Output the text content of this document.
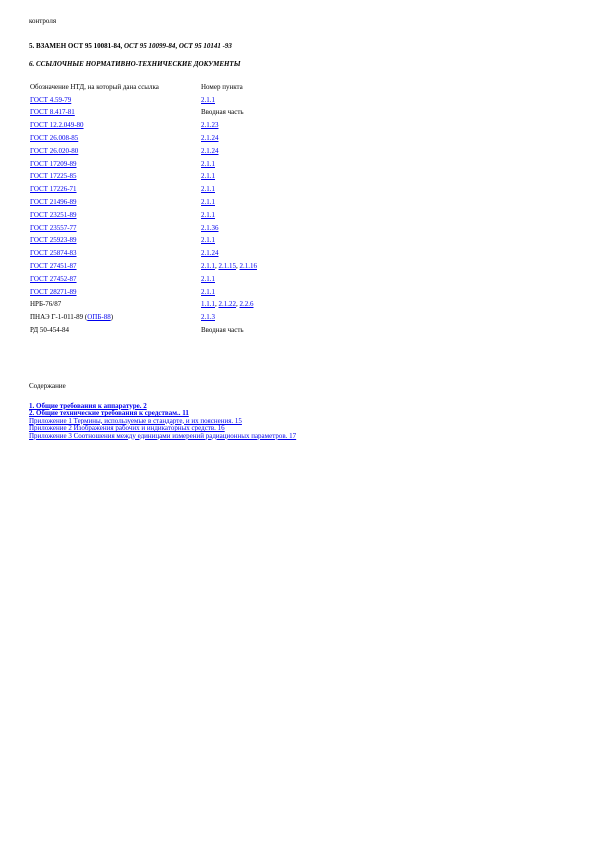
контроля
5. ВЗАМЕН ОСТ 95 10081-84, ОСТ 95 10099-84, ОСТ 95 10141 -93
6. ССЫЛОЧНЫЕ НОРМАТИВНО-ТЕХНИЧЕСКИЕ ДОКУМЕНТЫ
Обозначение НТД, на который дана ссылка	Номер пункта
ГОСТ 4.59-79	2.1.1
ГОСТ 8.417-81	Вводная часть
ГОСТ 12.2.049-80	2.1.23
ГОСТ 26.008-85	2.1.24
ГОСТ 26.020-80	2.1.24
ГОСТ 17209-89	2.1.1
ГОСТ 17225-85	2.1.1
ГОСТ 17226-71	2.1.1
ГОСТ 21496-89	2.1.1
ГОСТ 23251-89	2.1.1
ГОСТ 23557-77	2.1.36
ГОСТ 25923-89	2.1.1
ГОСТ 25874-83	2.1.24
ГОСТ 27451-87	2.1.1, 2.1.15, 2.1.16
ГОСТ 27452-87	2.1.1
ГОСТ 28271-89	2.1.1
НРБ-76/87	1.1.1, 2.1.22, 2.2.6
ПНАЭ Г-1-011-89 (ОПБ-88)	2.1.3
РД 50-454-84	Вводная часть
Содержание
1. Общие требования к аппаратуре. 2
2. Общие технические требования к средствам.. 11
Приложение 1 Термины, используемые в стандарте, и их пояснения. 15
Приложение 2 Изображения рабочих и индикаторных средств. 16
Приложение 3 Соотношения между единицами измерений радиационных параметров. 17
